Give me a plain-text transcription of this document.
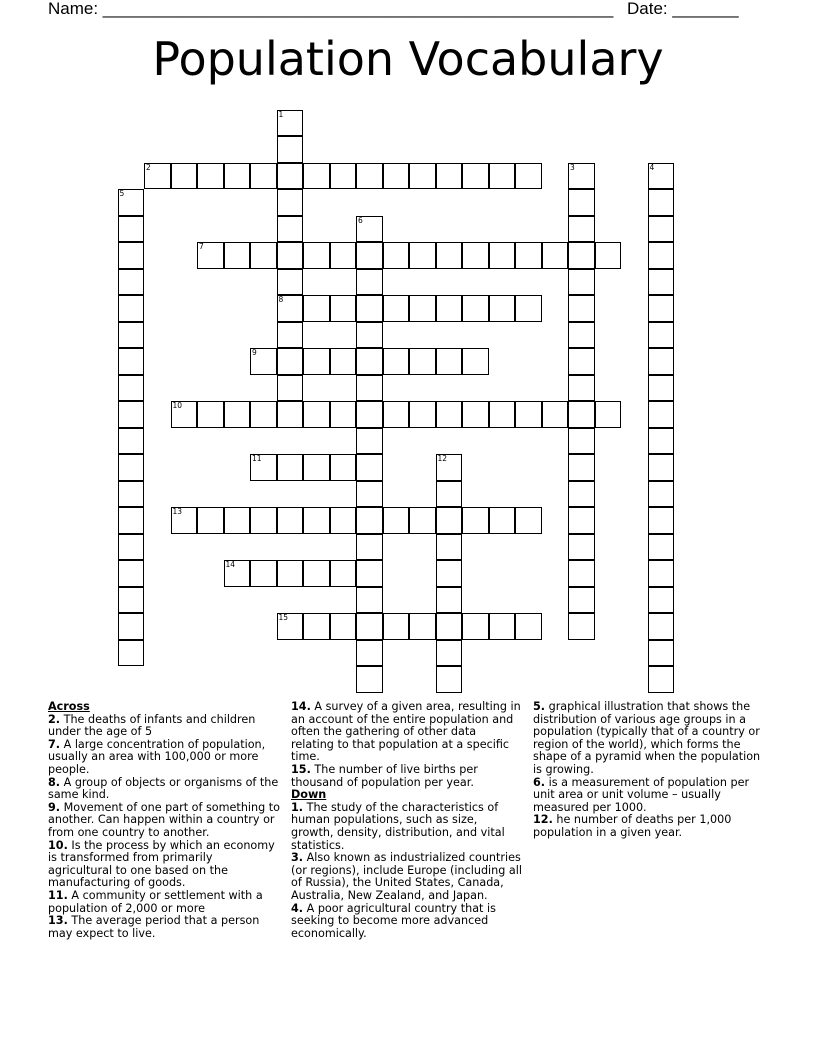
Name: ______________________________________________________ Date: _______
Population Vocabulary
1
8
2	3	4
5
6
7
9
10
11	12
13
14
15
Across
2. The deaths of infants and children under the age of 5
7. A large concentration of population, usually an area with 100,000 or more people.
8. A group of objects or organisms of the same kind.
9. Movement of one part of something to another. Can happen within a country or from one country to another.
10. Is the process by which an economy is transformed from primarily agricultural to one based on the manufacturing of goods.
11. A community or settlement with a population of 2,000 or more
13. The average period that a person may expect to live.
14. A survey of a given area, resulting in an account of the entire population and often the gathering of other data relating to that population at a specific time.
15. The number of live births per thousand of population per year.
Down
1. The study of the characteristics of human populations, such as size, growth, density, distribution, and vital statistics.
3. Also known as industrialized countries (or regions), include Europe (including all of Russia), the United States, Canada, Australia, New Zealand, and Japan.
4. A poor agricultural country that is seeking to become more advanced economically.
5. graphical illustration that shows the distribution of various age groups in a population (typically that of a country or region of the world), which forms the shape of a pyramid when the population is growing.
6. is a measurement of population per unit area or unit volume – usually measured per 1000.
12. he number of deaths per 1,000 population in a given year.
